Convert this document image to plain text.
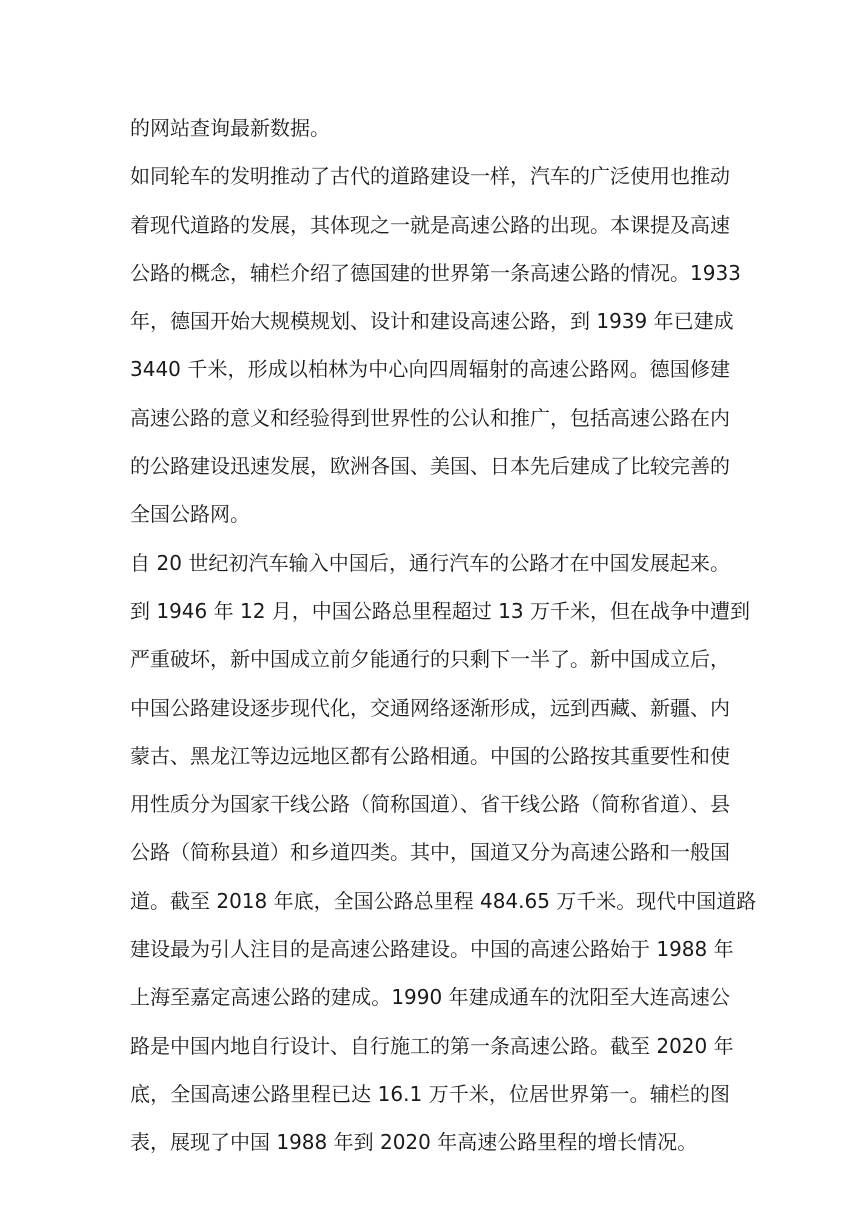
的网站查询最新数据。
如同轮车的发明推动了古代的道路建设一样，汽车的广泛使用也推动
着现代道路的发展，其体现之一就是高速公路的出现。本课提及高速
公路的概念，辅栏介绍了德国建的世界第一条高速公路的情况。1933
年，德国开始大规模规划、设计和建设高速公路，到 1939 年已建成
3440 千米，形成以柏林为中心向四周辐射的高速公路网。德国修建
高速公路的意义和经验得到世界性的公认和推广，包括高速公路在内
的公路建设迅速发展，欧洲各国、美国、日本先后建成了比较完善的
全国公路网。
自 20 世纪初汽车输入中国后，通行汽车的公路才在中国发展起来。
到 1946 年 12 月，中国公路总里程超过 13 万千米，但在战争中遭到
严重破坏，新中国成立前夕能通行的只剩下一半了。新中国成立后，
中国公路建设逐步现代化，交通网络逐渐形成，远到西藏、新疆、内
蒙古、黑龙江等边远地区都有公路相通。中国的公路按其重要性和使
用性质分为国家干线公路（简称国道）、省干线公路（简称省道）、县
公路（简称县道）和乡道四类。其中，国道又分为高速公路和一般国
道。截至 2018 年底，全国公路总里程 484.65 万千米。现代中国道路
建设最为引人注目的是高速公路建设。中国的高速公路始于 1988 年
上海至嘉定高速公路的建成。1990 年建成通车的沈阳至大连高速公
路是中国内地自行设计、自行施工的第一条高速公路。截至 2020 年
底，全国高速公路里程已达 16.1 万千米，位居世界第一。辅栏的图
表，展现了中国 1988 年到 2020 年高速公路里程的增长情况。
